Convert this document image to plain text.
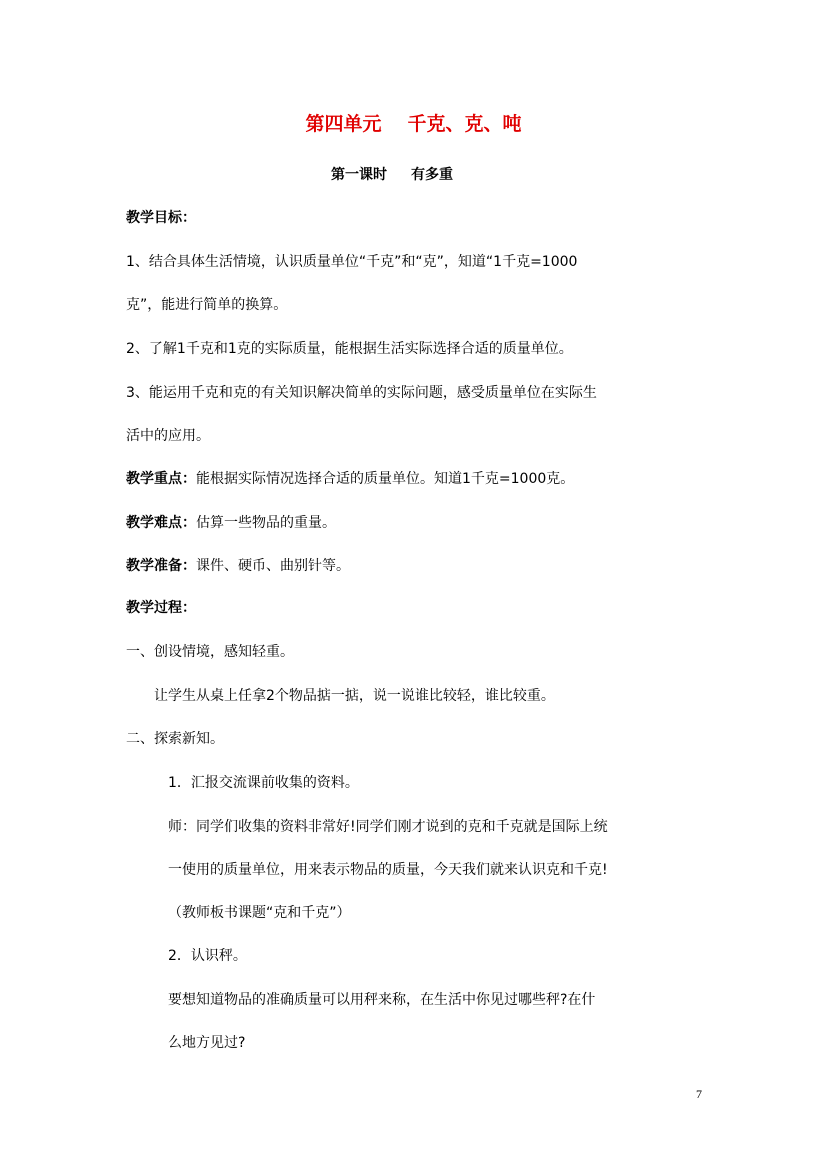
第四单元 千克、克、吨
第一课时 有多重
教学目标：
1、结合具体生活情境，认识质量单位“千克”和“克”，知道“1千克=1000
克”，能进行简单的换算。
2、了解1千克和1克的实际质量，能根据生活实际选择合适的质量单位。
3、能运用千克和克的有关知识解决简单的实际问题，感受质量单位在实际生
活中的应用。
教学重点：能根据实际情况选择合适的质量单位。知道1千克=1000克。
教学难点：估算一些物品的重量。
教学准备：课件、硬币、曲别针等。
教学过程：
一、创设情境，感知轻重。
让学生从桌上任拿2个物品掂一掂，说一说谁比较轻，谁比较重。
二、探索新知。
1．汇报交流课前收集的资料。
师：同学们收集的资料非常好!同学们刚才说到的克和千克就是国际上统
一使用的质量单位，用来表示物品的质量，今天我们就来认识克和千克!
（教师板书课题“克和千克”）
2．认识秤。
要想知道物品的准确质量可以用秤来称，在生活中你见过哪些秤?在什
么地方见过?
7
